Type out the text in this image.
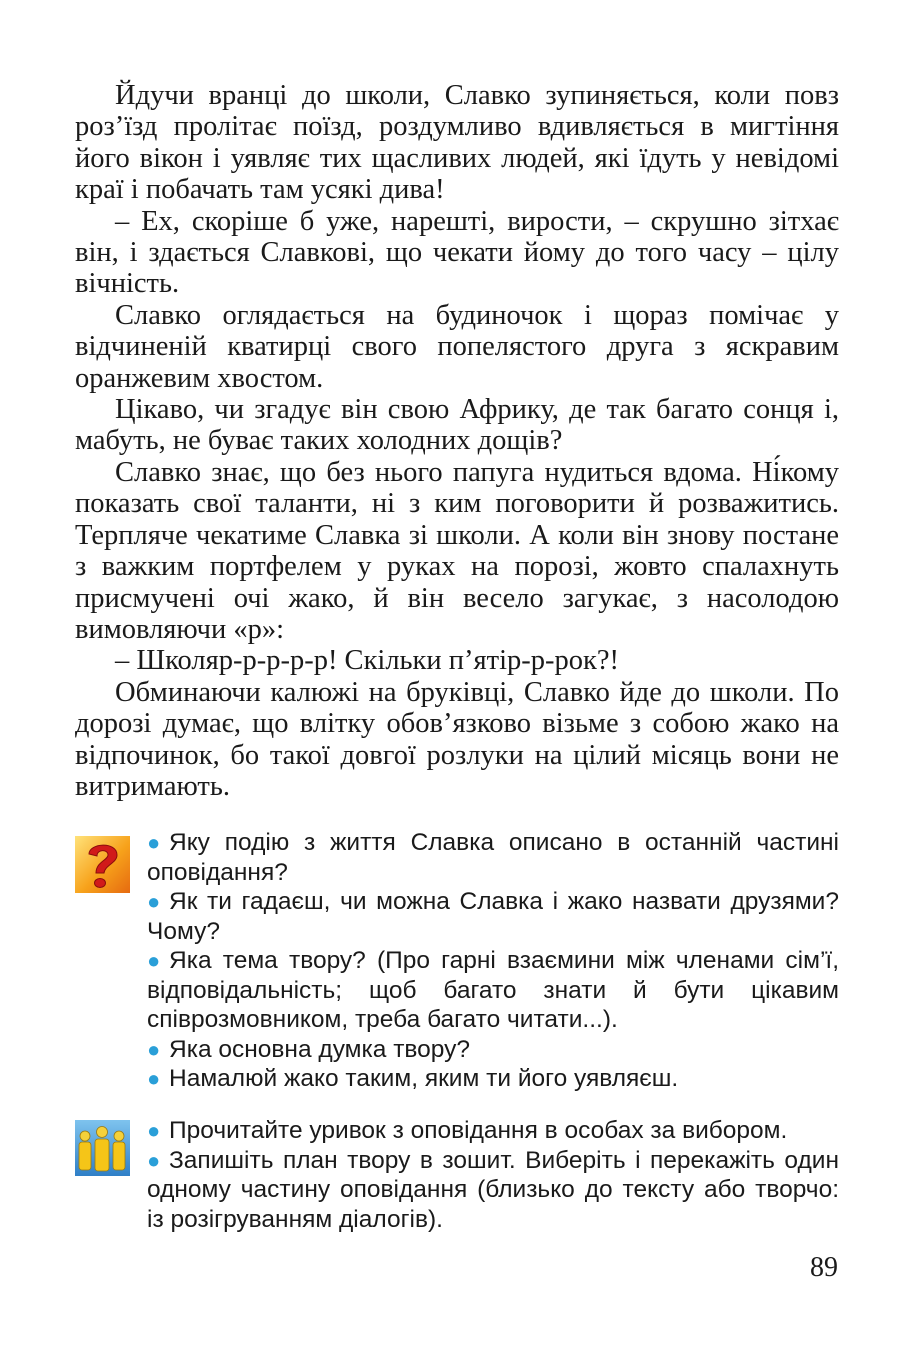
Йдучи вранці до школи, Славко зупиняється, коли повз роз’їзд пролітає поїзд, роздумливо вдивляється в мигтіння його вікон і уявляє тих щасливих людей, які їдуть у невідомі краї і побачать там усякі дива!

– Ех, скоріше б уже, нарешті, вирости, – скрушно зітхає він, і здається Славкові, що чекати йому до того часу – цілу вічність.

Славко оглядається на будиночок і щораз помічає у відчиненій кватирці свого попелястого друга з яскравим оранжевим хвостом.

Цікаво, чи згадує він свою Африку, де так багато сонця і, мабуть, не буває таких холодних дощів?

Славко знає, що без нього папуга нудиться вдома. Ні́кому показать свої таланти, ні з ким поговорити й розважитись. Терпляче чекатиме Славка зі школи. А коли він знову постане з важким портфелем у руках на порозі, жовто спалахнуть присмучені очі жако, й він весело загукає, з насолодою вимовляючи «р»:

– Школяр-р-р-р-р! Скільки п’ятір-р-рок?!

Обминаючи калюжі на бруківці, Славко йде до школи. По дорозі думає, що влітку обов’язково візьме з собою жако на відпочинок, бо такої довгої розлуки на цілий місяць вони не витримають.

● Яку подію з життя Славка описано в останній частині оповідання?

● Як ти гадаєш, чи можна Славка і жако назвати друзями? Чому?

● Яка тема твору? (Про гарні взаємини між членами сім’ї, відповідальність; щоб багато знати й бути цікавим співрозмовником, треба багато читати...).

● Яка основна думка твору?

● Намалюй жако таким, яким ти його уявляєш.

● Прочитайте уривок з оповідання в особах за вибором.

● Запишіть план твору в зошит. Виберіть і перекажіть один одному частину оповідання (близько до тексту або творчо: із розігруванням діалогів).

89
